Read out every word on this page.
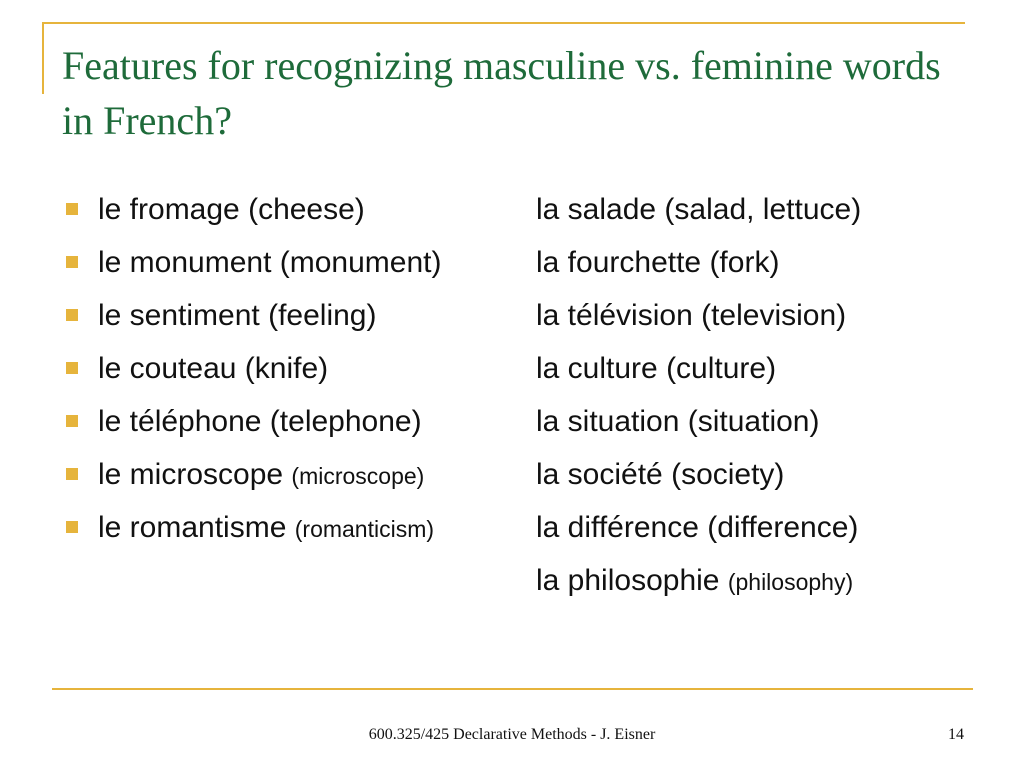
Features for recognizing masculine vs. feminine words in French?
le fromage (cheese)	la salade (salad, lettuce)
le monument (monument)	la fourchette (fork)
le sentiment (feeling)	la télévision (television)
le couteau (knife)	la culture (culture)
le téléphone (telephone)	la situation (situation)
le microscope (microscope)	la société (society)
le romantisme (romanticism)	la différence (difference)
la philosophie (philosophy)
600.325/425 Declarative Methods - J. Eisner	14
